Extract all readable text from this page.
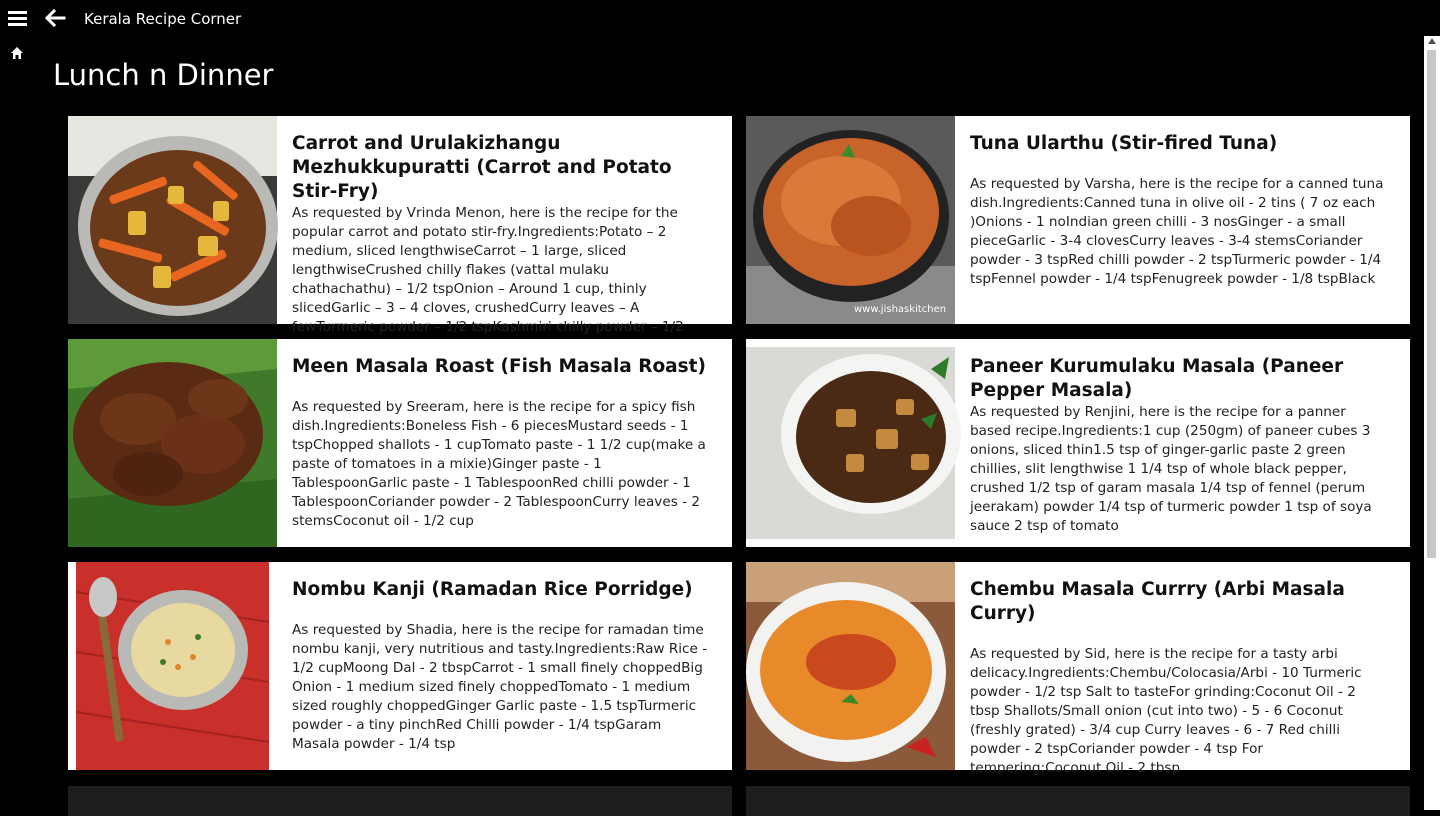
Kerala Recipe Corner
Lunch n Dinner
Carrot and Urulakizhangu Mezhukkupuratti (Carrot and Potato Stir-Fry)

As requested by Vrinda Menon, here is the recipe for the popular carrot and potato stir-fry.Ingredients:Potato – 2 medium, sliced lengthwiseCarrot – 1 large, sliced lengthwiseCrushed chilly flakes (vattal mulaku chathachathu) – 1/2 tspOnion – Around 1 cup, thinly slicedGarlic – 3 – 4 cloves, crushedCurry leaves – A fewTurmeric powder – 1/2 tspKashmiri chilly powder – 1/2

www.jishaskitchen
Tuna Ularthu (Stir-fired Tuna)

As requested by Varsha, here is the recipe for a canned tuna dish.Ingredients:Canned tuna in olive oil - 2 tins ( 7 oz each )Onions - 1 noIndian green chilli - 3 nosGinger - a small pieceGarlic - 3-4 clovesCurry leaves - 3-4 stemsCoriander powder - 3 tspRed chilli powder - 2 tspTurmeric powder - 1/4 tspFennel powder - 1/4 tspFenugreek powder - 1/8 tspBlack

Meen Masala Roast (Fish Masala Roast)

As requested by Sreeram, here is the recipe for a spicy fish dish.Ingredients:Boneless Fish - 6 piecesMustard seeds - 1 tspChopped shallots - 1 cupTomato paste - 1 1/2 cup(make a paste of tomatoes in a mixie)Ginger paste - 1 TablespoonGarlic paste - 1 TablespoonRed chilli powder - 1 TablespoonCoriander powder - 2 TablespoonCurry leaves - 2 stemsCoconut oil - 1/2 cup

Paneer Kurumulaku Masala (Paneer Pepper Masala)

As requested by Renjini, here is the recipe for a panner based recipe.Ingredients:1 cup (250gm) of paneer cubes 3 onions, sliced thin1.5 tsp of ginger-garlic paste 2 green chillies, slit lengthwise 1 1/4 tsp of whole black pepper, crushed 1/2 tsp of garam masala 1/4 tsp of fennel (perum jeerakam) powder 1/4 tsp of turmeric powder 1 tsp of soya sauce 2 tsp of tomato

Nombu Kanji (Ramadan Rice Porridge)

As requested by Shadia, here is the recipe for ramadan time nombu kanji, very nutritious and tasty.Ingredients:Raw Rice - 1/2 cupMoong Dal - 2 tbspCarrot - 1 small finely choppedBig Onion - 1 medium sized finely choppedTomato - 1 medium sized roughly choppedGinger Garlic paste - 1.5 tspTurmeric powder - a tiny pinchRed Chilli powder - 1/4 tspGaram Masala powder - 1/4 tsp

Chembu Masala Currry (Arbi Masala Curry)

As requested by Sid, here is the recipe for a tasty arbi delicacy.Ingredients:Chembu/Colocasia/Arbi - 10 Turmeric powder - 1/2 tsp Salt to tasteFor grinding:Coconut Oil - 2 tbsp Shallots/Small onion (cut into two) - 5 - 6 Coconut (freshly grated) - 3/4 cup Curry leaves - 6 - 7 Red chilli powder - 2 tspCoriander powder - 4 tsp For tempering:Coconut Oil - 2 tbsp
